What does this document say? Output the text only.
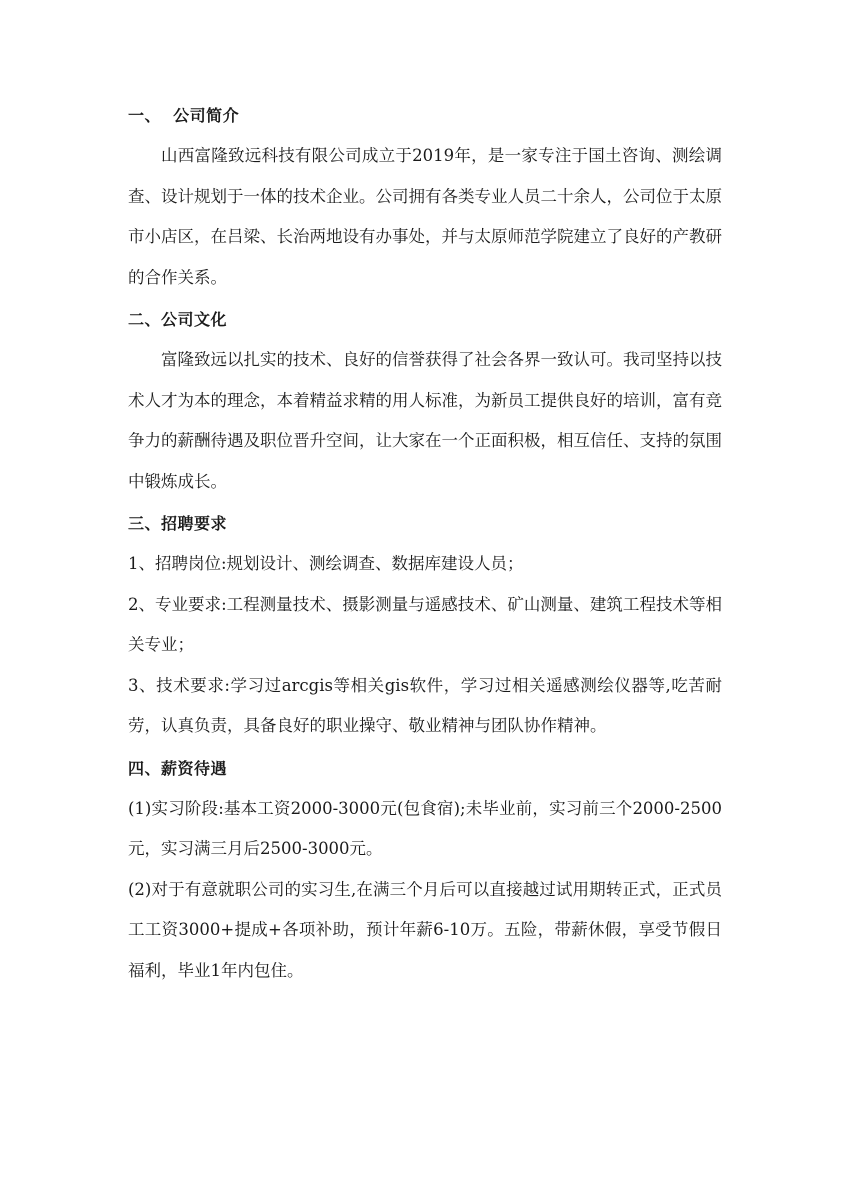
一、  公司简介

山西富隆致远科技有限公司成立于2019年，是一家专注于国土咨询、测绘调查、设计规划于一体的技术企业。公司拥有各类专业人员二十余人，公司位于太原市小店区，在吕梁、长治两地设有办事处，并与太原师范学院建立了良好的产教研的合作关系。

二、公司文化

富隆致远以扎实的技术、良好的信誉获得了社会各界一致认可。我司坚持以技术人才为本的理念，本着精益求精的用人标准，为新员工提供良好的培训，富有竞争力的薪酬待遇及职位晋升空间，让大家在一个正面积极，相互信任、支持的氛围中锻炼成长。

三、招聘要求

1、招聘岗位:规划设计、测绘调查、数据库建设人员；

2、专业要求:工程测量技术、摄影测量与遥感技术、矿山测量、建筑工程技术等相关专业；

3、技术要求:学习过arcgis等相关gis软件，学习过相关遥感测绘仪器等,吃苦耐劳，认真负责，具备良好的职业操守、敬业精神与团队协作精神。

四、薪资待遇

(1)实习阶段:基本工资2000-3000元(包食宿);未毕业前，实习前三个2000-2500元，实习满三月后2500-3000元。

(2)对于有意就职公司的实习生,在满三个月后可以直接越过试用期转正式，正式员工工资3000+提成+各项补助，预计年薪6-10万。五险，带薪休假，享受节假日福利，毕业1年内包住。
